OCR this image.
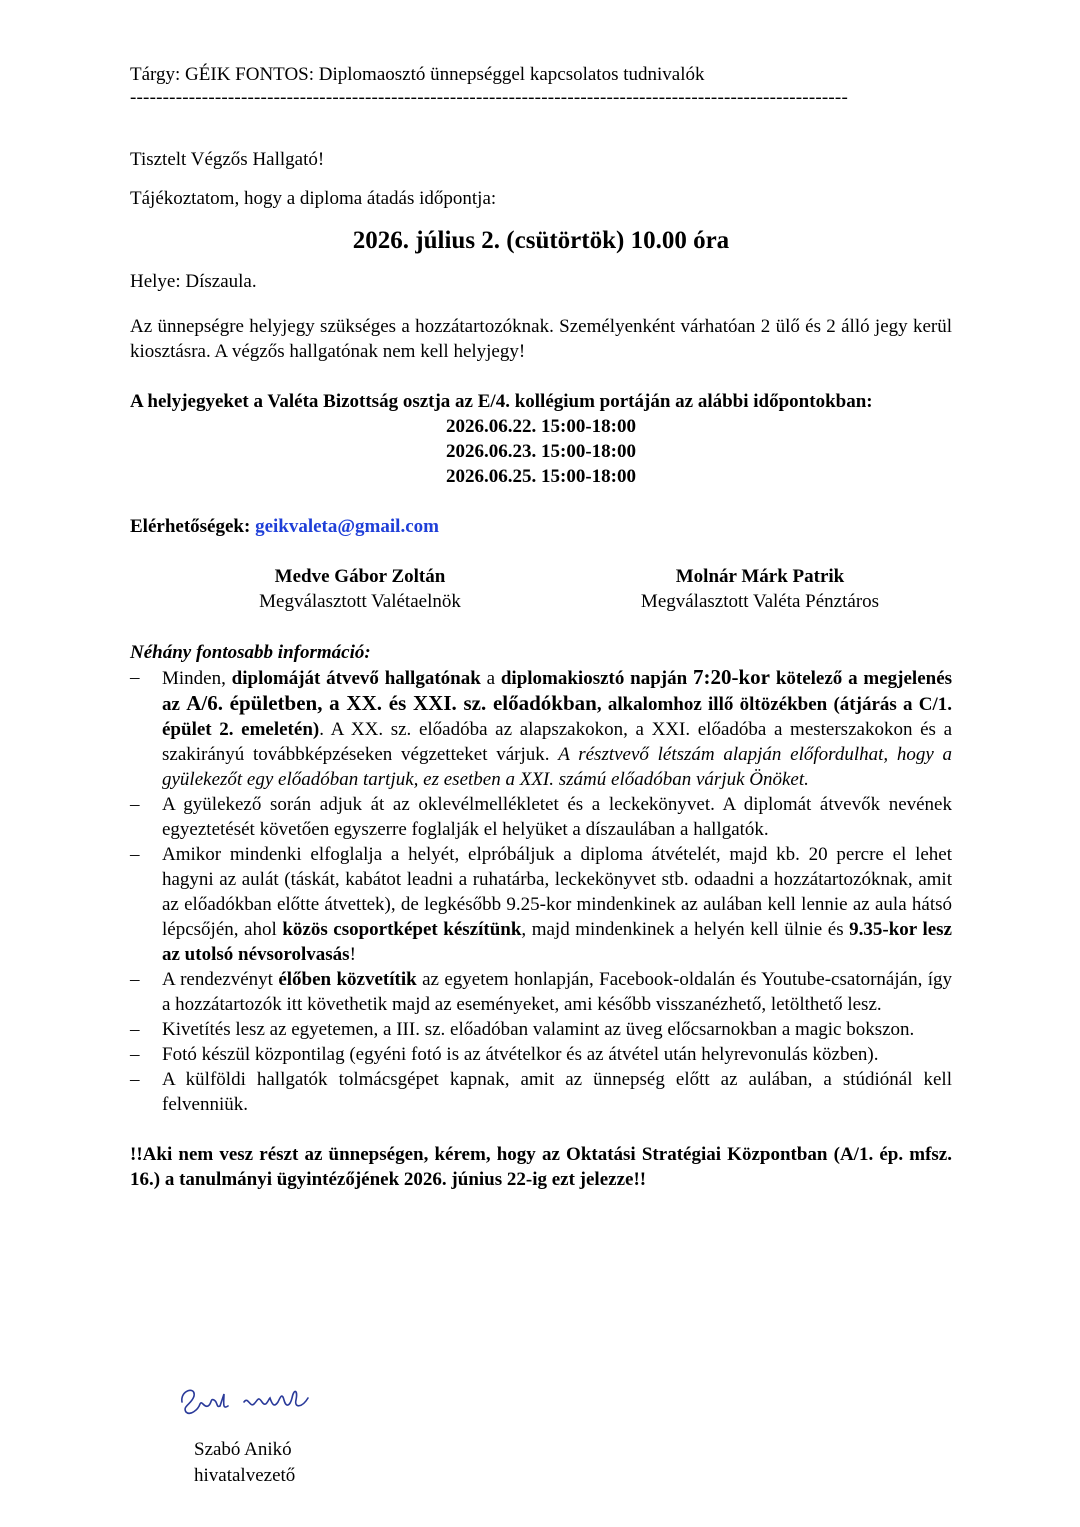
Tárgy: GÉIK FONTOS: Diplomaosztó ünnepséggel kapcsolatos tudnivalók

--------------------------------------------------------------------------------------------------------------

Tisztelt Végzős Hallgató!

Tájékoztatom, hogy a diploma átadás időpontja:

2026. július 2. (csütörtök) 10.00 óra

Helye: Díszaula.

Az ünnepségre helyjegy szükséges a hozzátartozóknak. Személyenként várhatóan 2 ülő és 2 álló jegy kerül kiosztásra. A végzős hallgatónak nem kell helyjegy!

A helyjegyeket a Valéta Bizottság osztja az E/4. kollégium portáján az alábbi időpontokban:

2026.06.22. 15:00-18:00
2026.06.23. 15:00-18:00
2026.06.25. 15:00-18:00

Elérhetőségek: geikvaleta@gmail.com

Medve Gábor Zoltán
Megválasztott Valétaelnök
Molnár Márk Patrik
Megválasztott Valéta Pénztáros

Néhány fontosabb információ:

– Minden, diplomáját átvevő hallgatónak a diplomakiosztó napján 7:20-kor kötelező a megjelenés az A/6. épületben, a XX. és XXI. sz. előadókban, alkalomhoz illő öltözékben (átjárás a C/1. épület 2. emeletén). A XX. sz. előadóba az alapszakokon, a XXI. előadóba a mesterszakokon és a szakirányú továbbképzéseken végzetteket várjuk. A résztvevő létszám alapján előfordulhat, hogy a gyülekezőt egy előadóban tartjuk, ez esetben a XXI. számú előadóban várjuk Önöket.
– A gyülekező során adjuk át az oklevélmellékletet és a leckekönyvet. A diplomát átvevők nevének egyeztetését követően egyszerre foglalják el helyüket a díszaulában a hallgatók.
– Amikor mindenki elfoglalja a helyét, elpróbáljuk a diploma átvételét, majd kb. 20 percre el lehet hagyni az aulát (táskát, kabátot leadni a ruhatárba, leckekönyvet stb. odaadni a hozzátartozóknak, amit az előadókban előtte átvettek), de legkésőbb 9.25-kor mindenkinek az aulában kell lennie az aula hátsó lépcsőjén, ahol közös csoportképet készítünk, majd mindenkinek a helyén kell ülnie és 9.35-kor lesz az utolsó névsorolvasás!
– A rendezvényt élőben közvetítik az egyetem honlapján, Facebook-oldalán és Youtube-csatornáján, így a hozzátartozók itt követhetik majd az eseményeket, ami később visszanézhető, letölthető lesz.
– Kivetítés lesz az egyetemen, a III. sz. előadóban valamint az üveg előcsarnokban a magic bokszon.
– Fotó készül központilag (egyéni fotó is az átvételkor és az átvétel után helyrevonulás közben).
– A külföldi hallgatók tolmácsgépet kapnak, amit az ünnepség előtt az aulában, a stúdiónál kell felvenniük.

!!Aki nem vesz részt az ünnepségen, kérem, hogy az Oktatási Stratégiai Központban (A/1. ép. mfsz. 16.) a tanulmányi ügyintézőjének 2026. június 22-ig ezt jelezze!!

Szabó Anikó
hivatalvezető
